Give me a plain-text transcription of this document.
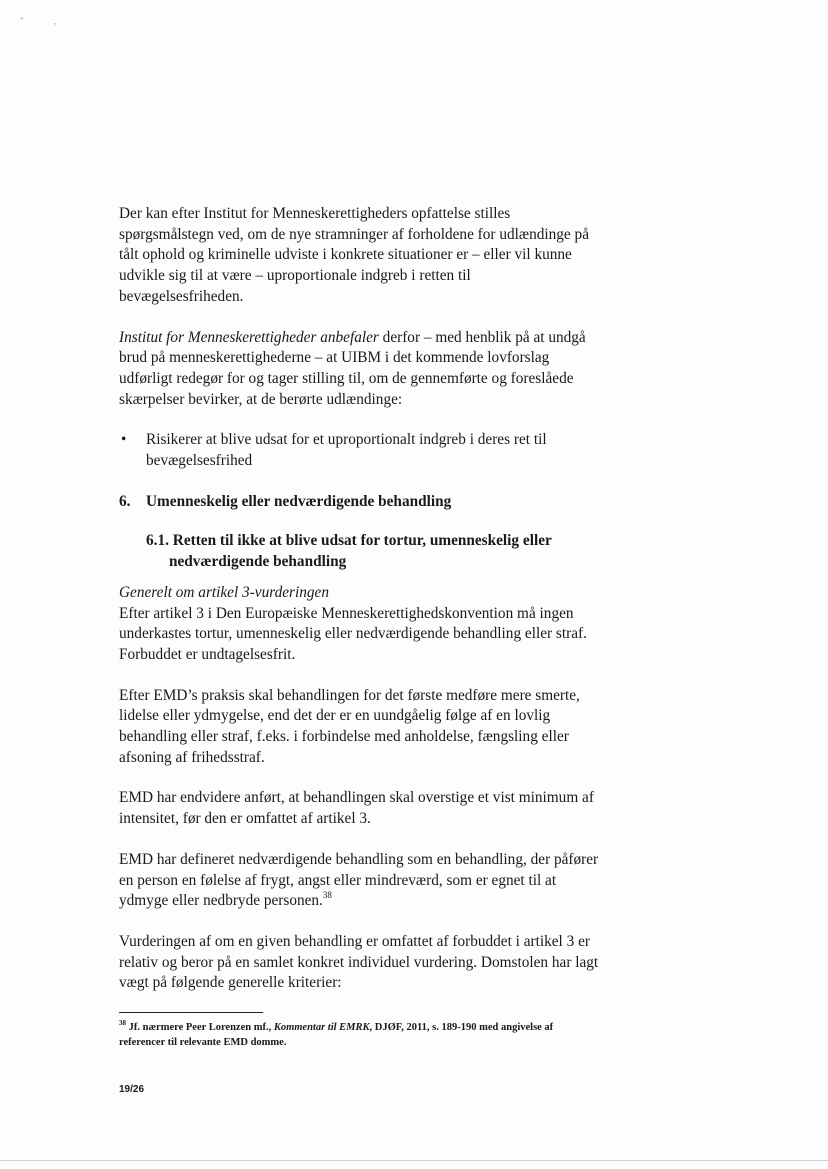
" ,

Der kan efter Institut for Menneskerettigheders opfattelse stilles spørgsmålstegn ved, om de nye stramninger af forholdene for udlændinge på tålt ophold og kriminelle udviste i konkrete situationer er – eller vil kunne udvikle sig til at være – uproportionale indgreb i retten til bevægelsesfriheden.

Institut for Menneskerettigheder anbefaler derfor – med henblik på at undgå brud på menneskerettighederne – at UIBM i det kommende lovforslag udførligt redegør for og tager stilling til, om de gennemførte og foreslåede skærpelser bevirker, at de berørte udlændinge:

• Risikerer at blive udsat for et uproportionalt indgreb i deres ret til bevægelsesfrihed
6. Umenneskelig eller nedværdigende behandling
6.1. Retten til ikke at blive udsat for tortur, umenneskelig eller nedværdigende behandling

Generelt om artikel 3-vurderingen

Efter artikel 3 i Den Europæiske Menneskerettighedskonvention må ingen underkastes tortur, umenneskelig eller nedværdigende behandling eller straf. Forbuddet er undtagelsesfrit.

Efter EMD’s praksis skal behandlingen for det første medføre mere smerte, lidelse eller ydmygelse, end det der er en uundgåelig følge af en lovlig behandling eller straf, f.eks. i forbindelse med anholdelse, fængsling eller afsoning af frihedsstraf.

EMD har endvidere anført, at behandlingen skal overstige et vist minimum af intensitet, før den er omfattet af artikel 3.

EMD har defineret nedværdigende behandling som en behandling, der påfører en person en følelse af frygt, angst eller mindreværd, som er egnet til at ydmyge eller nedbryde personen.$^{38}$

Vurderingen af om en given behandling er omfattet af forbuddet i artikel 3 er relativ og beror på en samlet konkret individuel vurdering. Domstolen har lagt vægt på følgende generelle kriterier:

$^{38}$ Jf. nærmere Peer Lorenzen mf., Kommentar til EMRK, DJØF, 2011, s. 189-190 med angivelse af referencer til relevante EMD domme.
19/26
